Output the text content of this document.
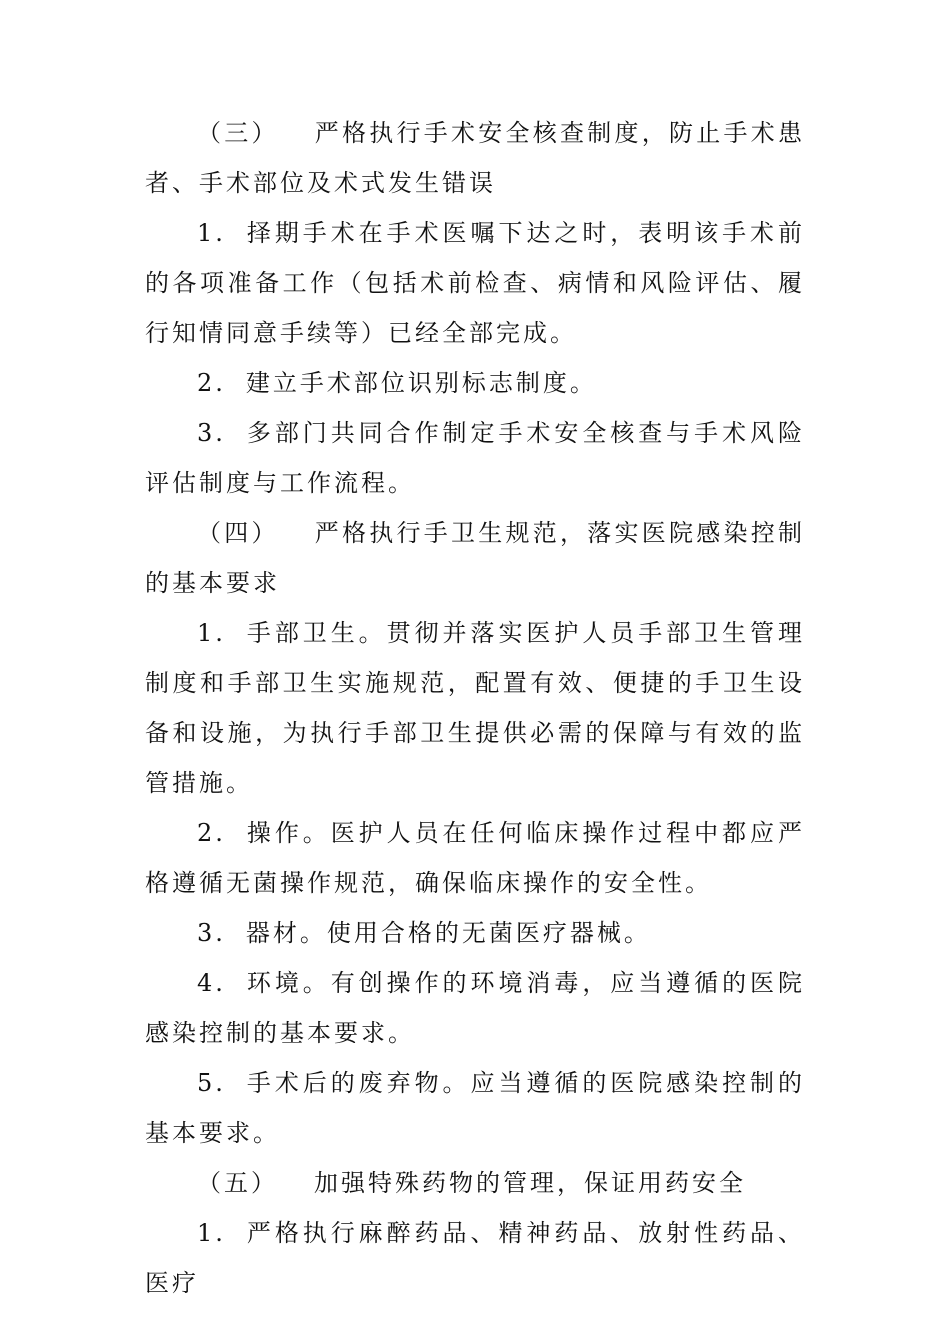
（三） 严格执行手术安全核查制度，防止手术患者、手术部位及术式发生错误

1. 择期手术在手术医嘱下达之时，表明该手术前的各项准备工作（包括术前检查、病情和风险评估、履行知情同意手续等）已经全部完成。

2. 建立手术部位识别标志制度。

3. 多部门共同合作制定手术安全核查与手术风险评估制度与工作流程。

（四） 严格执行手卫生规范，落实医院感染控制的基本要求

1. 手部卫生。贯彻并落实医护人员手部卫生管理制度和手部卫生实施规范，配置有效、便捷的手卫生设备和设施，为执行手部卫生提供必需的保障与有效的监管措施。

2. 操作。医护人员在任何临床操作过程中都应严格遵循无菌操作规范，确保临床操作的安全性。

3. 器材。使用合格的无菌医疗器械。

4. 环境。有创操作的环境消毒，应当遵循的医院感染控制的基本要求。

5. 手术后的废弃物。应当遵循的医院感染控制的基本要求。

（五） 加强特殊药物的管理，保证用药安全

1. 严格执行麻醉药品、精神药品、放射性药品、医疗
